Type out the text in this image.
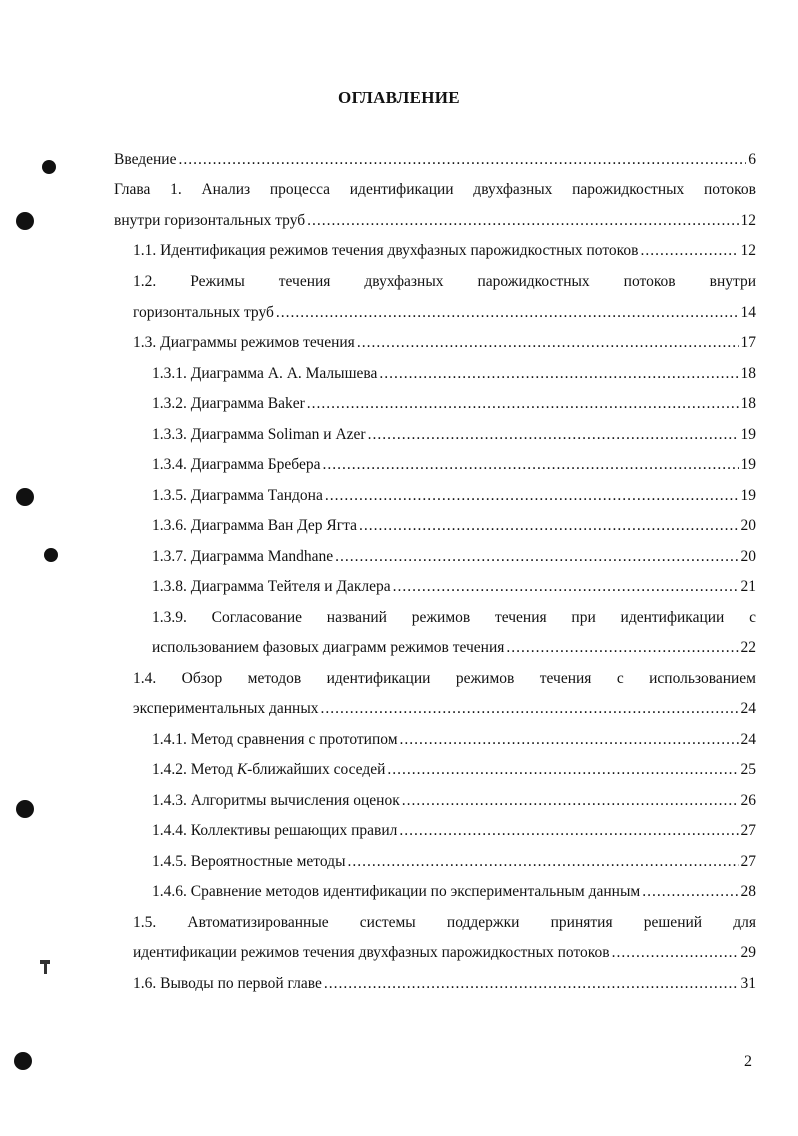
ОГЛАВЛЕНИЕ
Введение .....	6
Глава 1. Анализ процесса идентификации двухфазных парожидкостных потоков
внутри горизонтальных труб .....	12
1.1. Идентификация режимов течения двухфазных парожидкостных потоков .....	12
1.2. Режимы течения двухфазных парожидкостных потоков внутри
горизонтальных труб .....	14
1.3. Диаграммы режимов течения .....	17
1.3.1. Диаграмма А. А. Малышева .....	18
1.3.2. Диаграмма Baker .....	18
1.3.3. Диаграмма Soliman и Azer .....	19
1.3.4. Диаграмма Бребера .....	19
1.3.5. Диаграмма Тандона .....	19
1.3.6. Диаграмма Ван Дер Ягта .....	20
1.3.7. Диаграмма Mandhane .....	20
1.3.8. Диаграмма Тейтеля и Даклера .....	21
1.3.9. Согласование названий режимов течения при идентификации с
использованием фазовых диаграмм режимов течения .....	22
1.4. Обзор методов идентификации режимов течения с использованием
экспериментальных данных .....	24
1.4.1. Метод сравнения с прототипом .....	24
1.4.2. Метод К-ближайших соседей .....	25
1.4.3. Алгоритмы вычисления оценок .....	26
1.4.4. Коллективы решающих правил .....	27
1.4.5. Вероятностные методы .....	27
1.4.6. Сравнение методов идентификации по экспериментальным данным .....	28
1.5. Автоматизированные системы поддержки принятия решений для
идентификации режимов течения двухфазных парожидкостных потоков .....	29
1.6. Выводы по первой главе .....	31
2
